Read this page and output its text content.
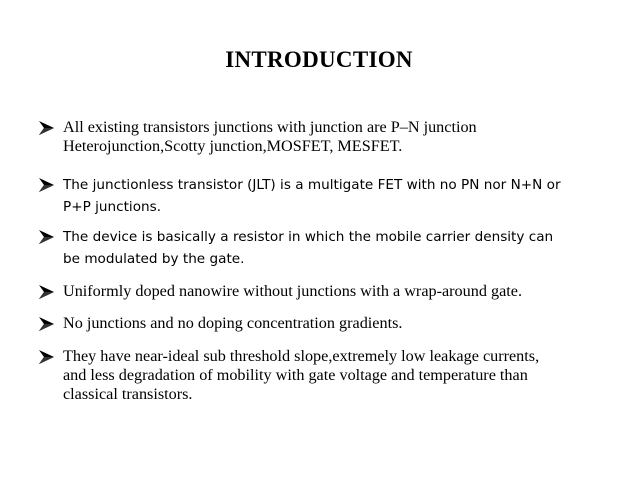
INTRODUCTION

All existing transistors junctions with junction are P–N junction
Heterojunction,Scotty junction,MOSFET, MESFET.

The junctionless transistor (JLT) is a multigate FET with no PN nor N+N or
P+P junctions.

The device is basically a resistor in which the mobile carrier density can
be modulated by the gate.

Uniformly doped nanowire without junctions with a wrap-around gate.

No junctions and no doping concentration gradients.

They have near-ideal sub threshold slope,extremely low leakage currents,
and less degradation of mobility with gate voltage and temperature than
classical transistors.
